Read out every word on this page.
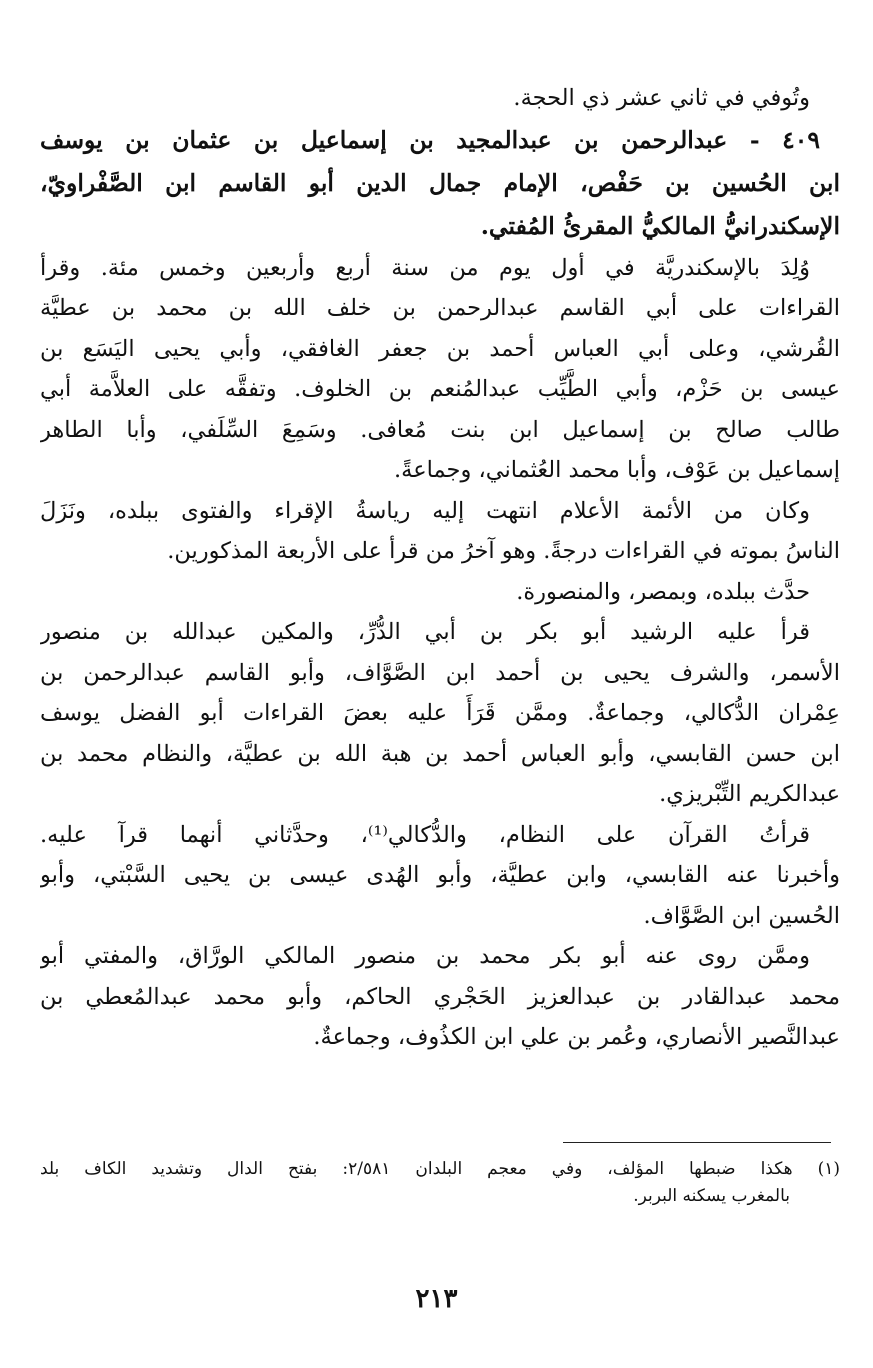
وتُوفي في ثاني عشر ذي الحجة.
٤٠٩ - عبدالرحمن بن عبدالمجيد بن إسماعيل بن عثمان بن يوسف
ابن الحُسين بن حَفْص، الإمام جمال الدين أبو القاسم ابن الصَّفْراويّ،
الإسكندرانيُّ المالكيُّ المقرئُ المُفتي.
وُلِدَ بالإسكندريَّة في أول يوم من سنة أربع وأربعين وخمس مئة. وقرأ
القراءات على أبي القاسم عبدالرحمن بن خلف الله بن محمد بن عطيَّة
القُرشي، وعلى أبي العباس أحمد بن جعفر الغافقي، وأبي يحيى اليَسَع بن
عيسى بن حَزْم، وأبي الطَّيِّب عبدالمُنعم بن الخلوف. وتفقَّه على العلاَّمة أبي
طالب صالح بن إسماعيل ابن بنت مُعافى. وسَمِعَ السِّلَفي، وأبا الطاهر
إسماعيل بن عَوْف، وأبا محمد العُثماني، وجماعةً.
وكان من الأئمة الأعلام انتهت إليه رياسةُ الإقراء والفتوى ببلده، ونَزَلَ
الناسُ بموته في القراءات درجةً. وهو آخرُ من قرأ على الأربعة المذكورين.
حدَّث ببلده، وبمصر، والمنصورة.
قرأ عليه الرشيد أبو بكر بن أبي الدُّرِّ، والمكين عبدالله بن منصور
الأسمر، والشرف يحيى بن أحمد ابن الصَّوَّاف، وأبو القاسم عبدالرحمن بن
عِمْران الدُّكالي، وجماعةٌ. وممَّن قَرَأَ عليه بعضَ القراءات أبو الفضل يوسف
ابن حسن القابسي، وأبو العباس أحمد بن هبة الله بن عطيَّة، والنظام محمد بن
عبدالكريم التِّبْريزي.
قرأتُ القرآن على النظام، والدُّكالي⁽¹⁾، وحدَّثاني أنهما قرآ عليه.
وأخبرنا عنه القابسي، وابن عطيَّة، وأبو الهُدى عيسى بن يحيى السَّبْتي، وأبو
الحُسين ابن الصَّوَّاف.
وممَّن روى عنه أبو بكر محمد بن منصور المالكي الورَّاق، والمفتي أبو
محمد عبدالقادر بن عبدالعزيز الحَجْري الحاكم، وأبو محمد عبدالمُعطي بن
عبدالنَّصير الأنصاري، وعُمر بن علي ابن الكذُوف، وجماعةٌ.
(١) هكذا ضبطها المؤلف، وفي معجم البلدان ٢/٥٨١: بفتح الدال وتشديد الكاف بلد
بالمغرب يسكنه البربر.
٢١٣
